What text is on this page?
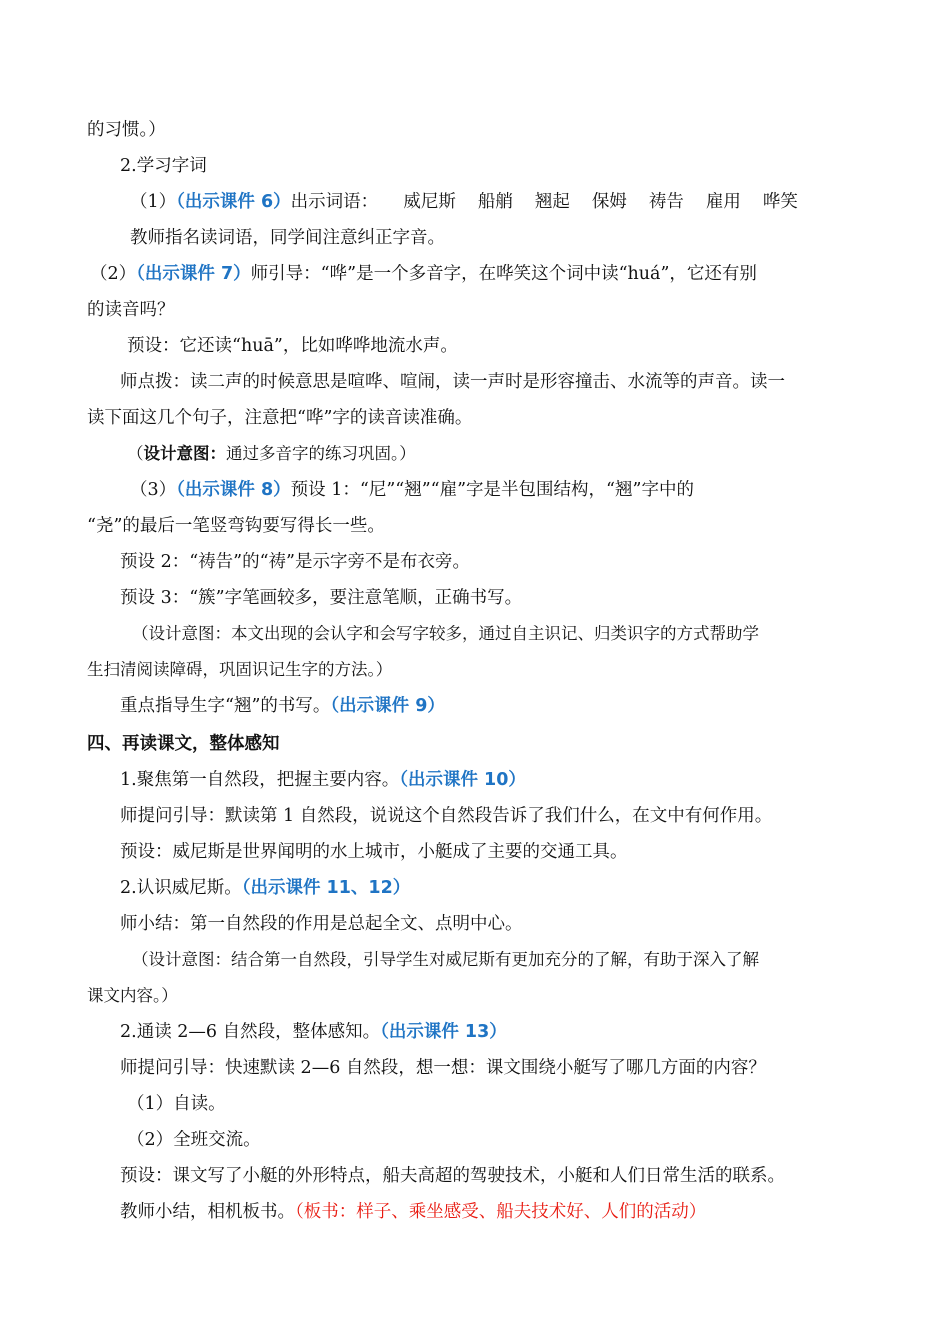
的习惯。）
2.学习字词
（1）（出示课件 6）出示词语： 威尼斯 船艄 翘起 保姆 祷告 雇用 哗笑
教师指名读词语，同学间注意纠正字音。
（2）（出示课件 7）师引导：“哗”是一个多音字，在哗笑这个词中读“huá”，它还有别
的读音吗？
预设：它还读“huā”，比如哗哗地流水声。
师点拨：读二声的时候意思是喧哗、喧闹，读一声时是形容撞击、水流等的声音。读一
读下面这几个句子，注意把“哗”字的读音读准确。
（设计意图：通过多音字的练习巩固。）
（3）（出示课件 8）预设 1：“尼”“翘”“雇”字是半包围结构，“翘”字中的
“尧”的最后一笔竖弯钩要写得长一些。
预设 2：“祷告”的“祷”是示字旁不是布衣旁。
预设 3：“簇”字笔画较多，要注意笔顺，正确书写。
（设计意图：本文出现的会认字和会写字较多，通过自主识记、归类识字的方式帮助学
生扫清阅读障碍，巩固识记生字的方法。）
重点指导生字“翘”的书写。（出示课件 9）
四、再读课文，整体感知
1.聚焦第一自然段，把握主要内容。（出示课件 10）
师提问引导：默读第 1 自然段，说说这个自然段告诉了我们什么，在文中有何作用。
预设：威尼斯是世界闻明的水上城市，小艇成了主要的交通工具。
2.认识威尼斯。（出示课件 11、12）
师小结：第一自然段的作用是总起全文、点明中心。
（设计意图：结合第一自然段，引导学生对威尼斯有更加充分的了解，有助于深入了解
课文内容。）
2.通读 2—6 自然段，整体感知。（出示课件 13）
师提问引导：快速默读 2—6 自然段，想一想：课文围绕小艇写了哪几方面的内容？
（1）自读。
（2）全班交流。
预设：课文写了小艇的外形特点，船夫高超的驾驶技术，小艇和人们日常生活的联系。
教师小结，相机板书。（板书：样子、乘坐感受、船夫技术好、人们的活动）
